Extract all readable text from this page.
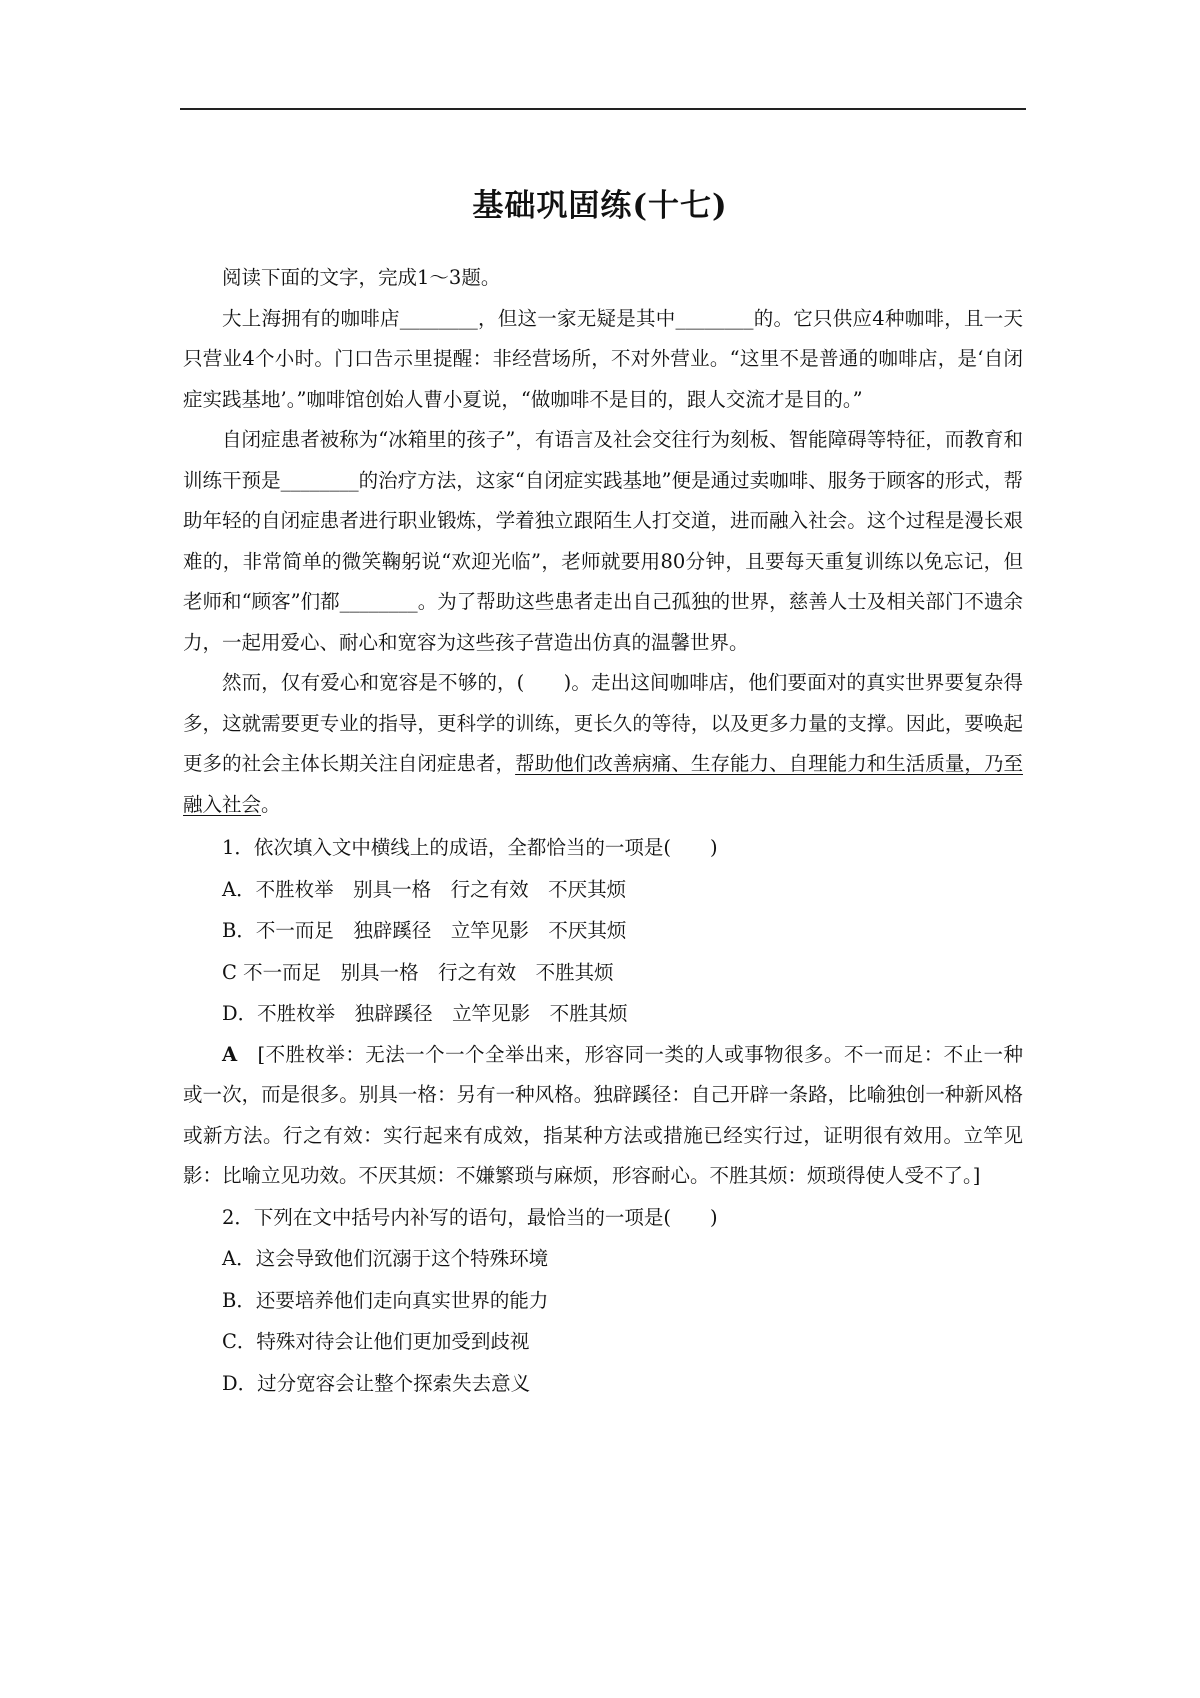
基础巩固练(十七)

阅读下面的文字，完成1～3题。

大上海拥有的咖啡店________，但这一家无疑是其中________的。它只供应4种咖啡，且一天只营业4个小时。门口告示里提醒：非经营场所，不对外营业。“这里不是普通的咖啡店，是‘自闭症实践基地’。”咖啡馆创始人曹小夏说，“做咖啡不是目的，跟人交流才是目的。”

自闭症患者被称为“冰箱里的孩子”，有语言及社会交往行为刻板、智能障碍等特征，而教育和训练干预是________的治疗方法，这家“自闭症实践基地”便是通过卖咖啡、服务于顾客的形式，帮助年轻的自闭症患者进行职业锻炼，学着独立跟陌生人打交道，进而融入社会。这个过程是漫长艰难的，非常简单的微笑鞠躬说“欢迎光临”，老师就要用80分钟，且要每天重复训练以免忘记，但老师和“顾客”们都________。为了帮助这些患者走出自己孤独的世界，慈善人士及相关部门不遗余力，一起用爱心、耐心和宽容为这些孩子营造出仿真的温馨世界。

然而，仅有爱心和宽容是不够的，(　　)。走出这间咖啡店，他们要面对的真实世界要复杂得多，这就需要更专业的指导，更科学的训练，更长久的等待，以及更多力量的支撑。因此，要唤起更多的社会主体长期关注自闭症患者，帮助他们改善病痛、生存能力、自理能力和生活质量，乃至融入社会。

1．依次填入文中横线上的成语，全都恰当的一项是(　　)

A．不胜枚举　别具一格　行之有效　不厌其烦

B．不一而足　独辟蹊径　立竿见影　不厌其烦

C 不一而足　别具一格　行之有效　不胜其烦

D．不胜枚举　独辟蹊径　立竿见影　不胜其烦

A　[不胜枚举：无法一个一个全举出来，形容同一类的人或事物很多。不一而足：不止一种或一次，而是很多。别具一格：另有一种风格。独辟蹊径：自己开辟一条路，比喻独创一种新风格或新方法。行之有效：实行起来有成效，指某种方法或措施已经实行过，证明很有效用。立竿见影：比喻立见功效。不厌其烦：不嫌繁琐与麻烦，形容耐心。不胜其烦：烦琐得使人受不了。]

2．下列在文中括号内补写的语句，最恰当的一项是(　　)

A．这会导致他们沉溺于这个特殊环境

B．还要培养他们走向真实世界的能力

C．特殊对待会让他们更加受到歧视

D．过分宽容会让整个探索失去意义
